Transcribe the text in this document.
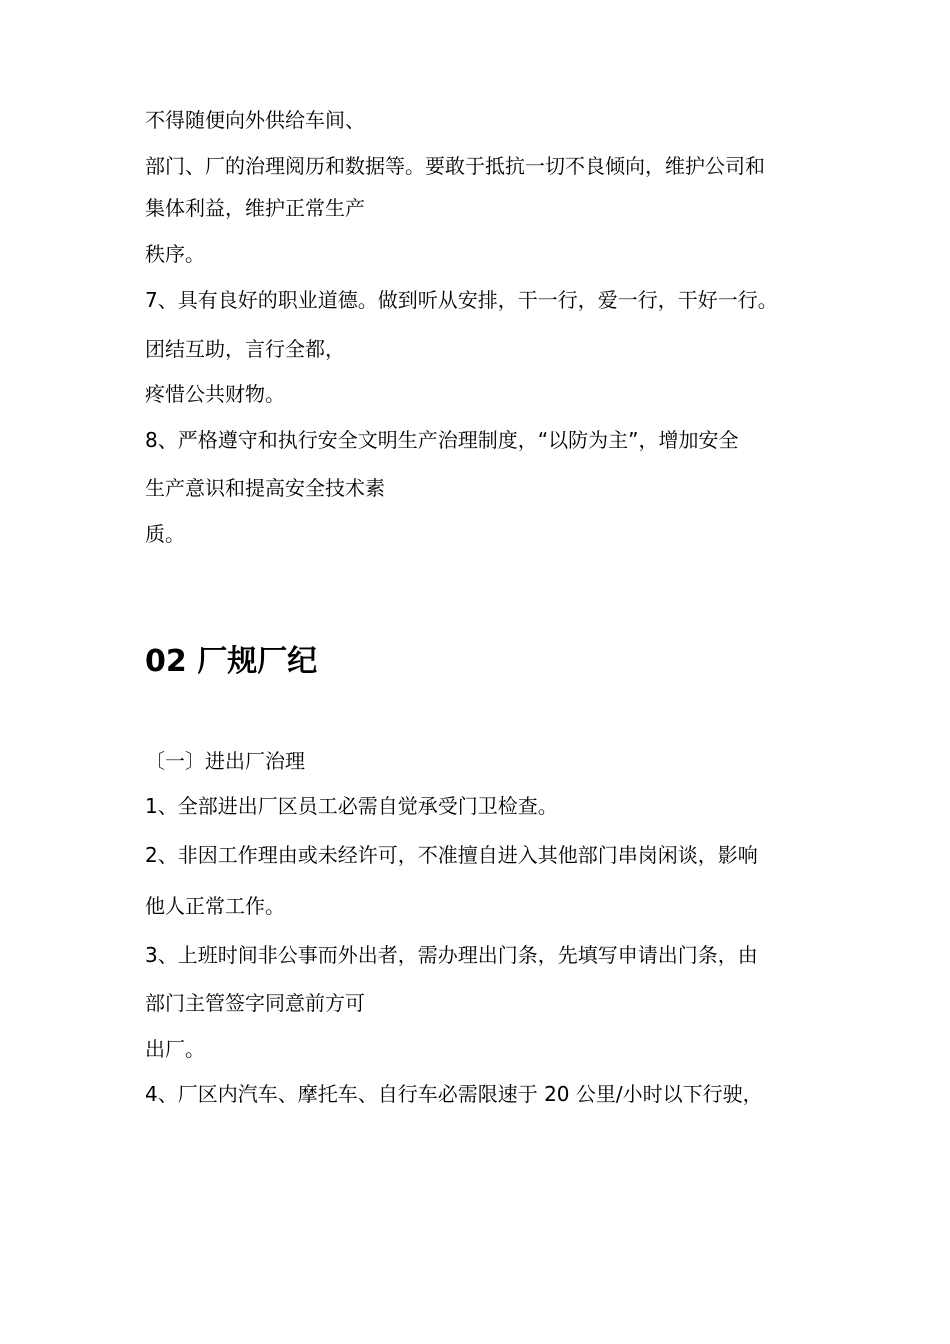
不得随便向外供给车间、
部门、厂的治理阅历和数据等。要敢于抵抗一切不良倾向，维护公司和
集体利益，维护正常生产
秩序。
7、具有良好的职业道德。做到听从安排，干一行，爱一行，干好一行。
团结互助，言行全都，
疼惜公共财物。
8、严格遵守和执行安全文明生产治理制度，“以防为主”，增加安全
生产意识和提高安全技术素
质。
02 厂规厂纪
〔一〕进出厂治理
1、全部进出厂区员工必需自觉承受门卫检查。
2、非因工作理由或未经许可，不准擅自进入其他部门串岗闲谈，影响
他人正常工作。
3、上班时间非公事而外出者，需办理出门条，先填写申请出门条，由
部门主管签字同意前方可
出厂。
4、厂区内汽车、摩托车、自行车必需限速于 20 公里/小时以下行驶，
